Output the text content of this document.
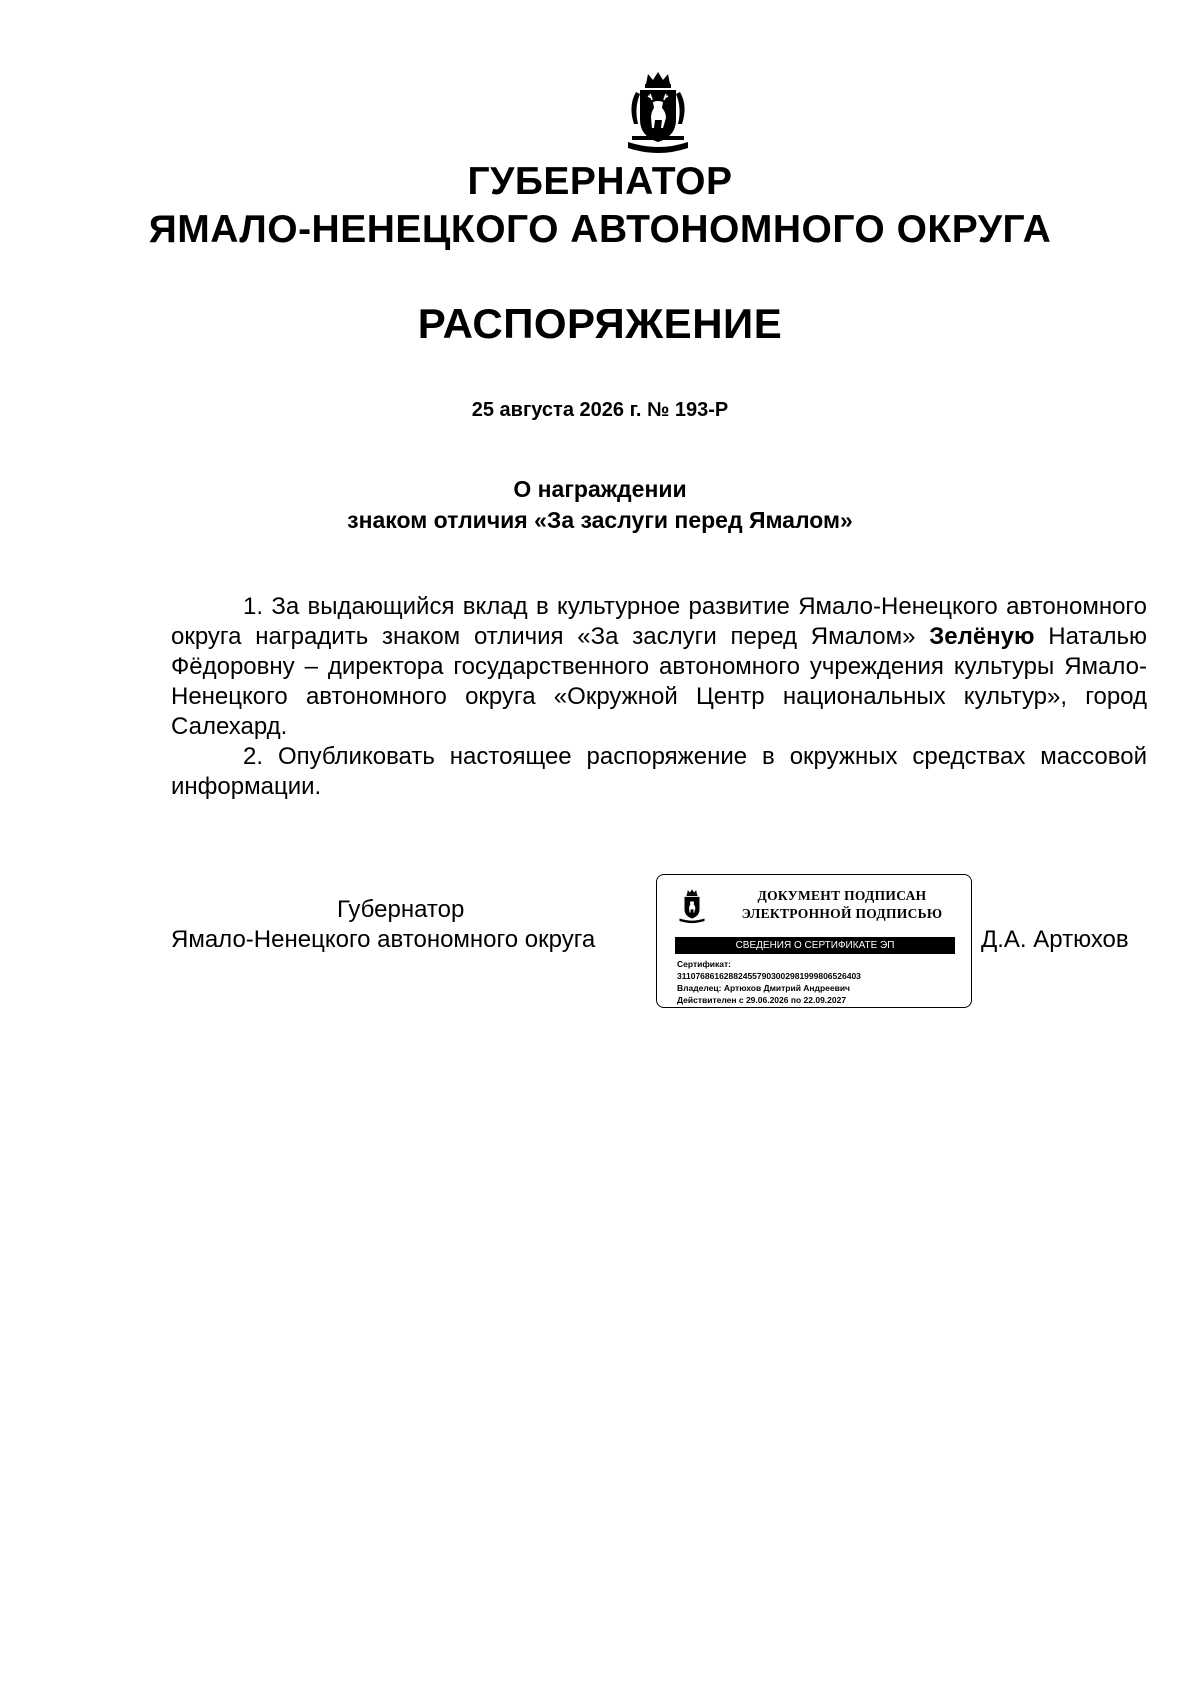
ГУБЕРНАТОР
ЯМАЛО-НЕНЕЦКОГО АВТОНОМНОГО ОКРУГА
РАСПОРЯЖЕНИЕ
25 августа 2026 г. № 193-Р
О награждении
знаком отличия «За заслуги перед Ямалом»

1. За выдающийся вклад в культурное развитие Ямало-Ненецкого автономного округа наградить знаком отличия «За заслуги перед Ямалом» Зелёную Наталью Фёдоровну – директора государственного автономного учреждения культуры Ямало-Ненецкого автономного округа «Окружной Центр национальных культур», город Салехард.

2. Опубликовать настоящее распоряжение в окружных средствах массовой информации.

Губернатор
Ямало-Ненецкого автономного округа
ДОКУМЕНТ ПОДПИСАН
ЭЛЕКТРОННОЙ ПОДПИСЬЮ
СВЕДЕНИЯ О СЕРТИФИКАТЕ ЭП
Сертификат:
311076861628824557903002981999806526403
Владелец: Артюхов Дмитрий Андреевич
Действителен с 29.06.2026 по 22.09.2027
Д.А. Артюхов
